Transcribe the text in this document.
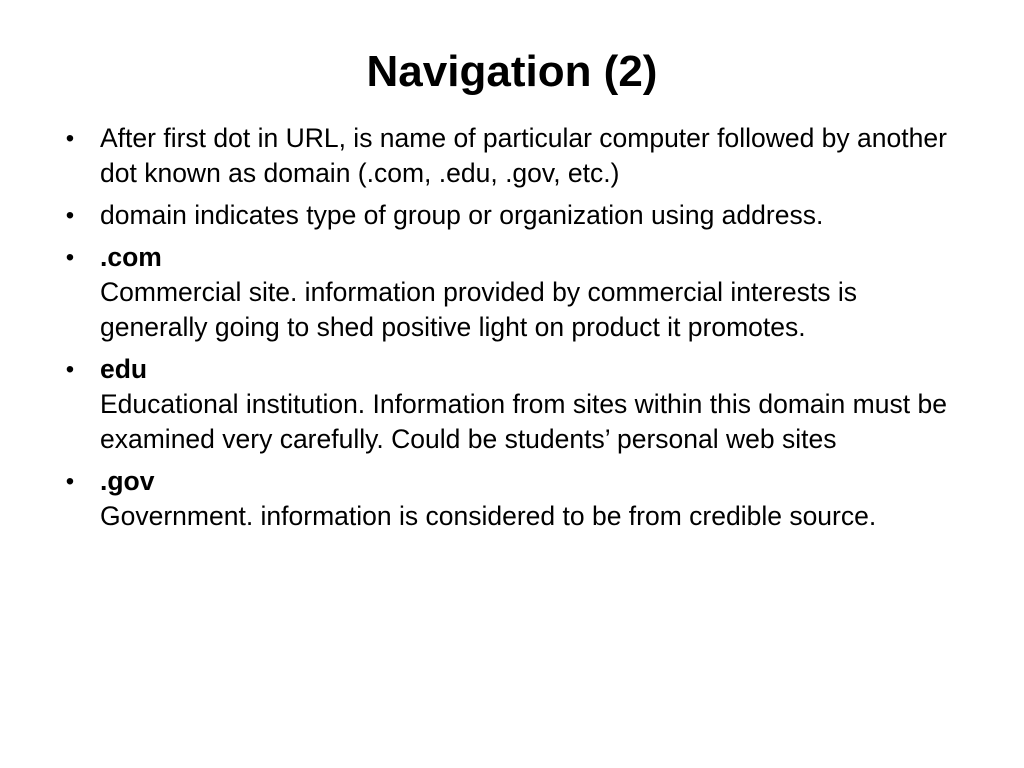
Navigation (2)
• After first dot in URL, is name of particular computer followed by another dot known as domain (.com, .edu, .gov, etc.)
• domain indicates type of group or organization using address.
• .com
Commercial site. information provided by commercial interests is generally going to shed positive light on product it promotes.
• edu
Educational institution. Information from sites within this domain must be examined very carefully. Could be students’ personal web sites
• .gov
Government. information is considered to be from credible source.
